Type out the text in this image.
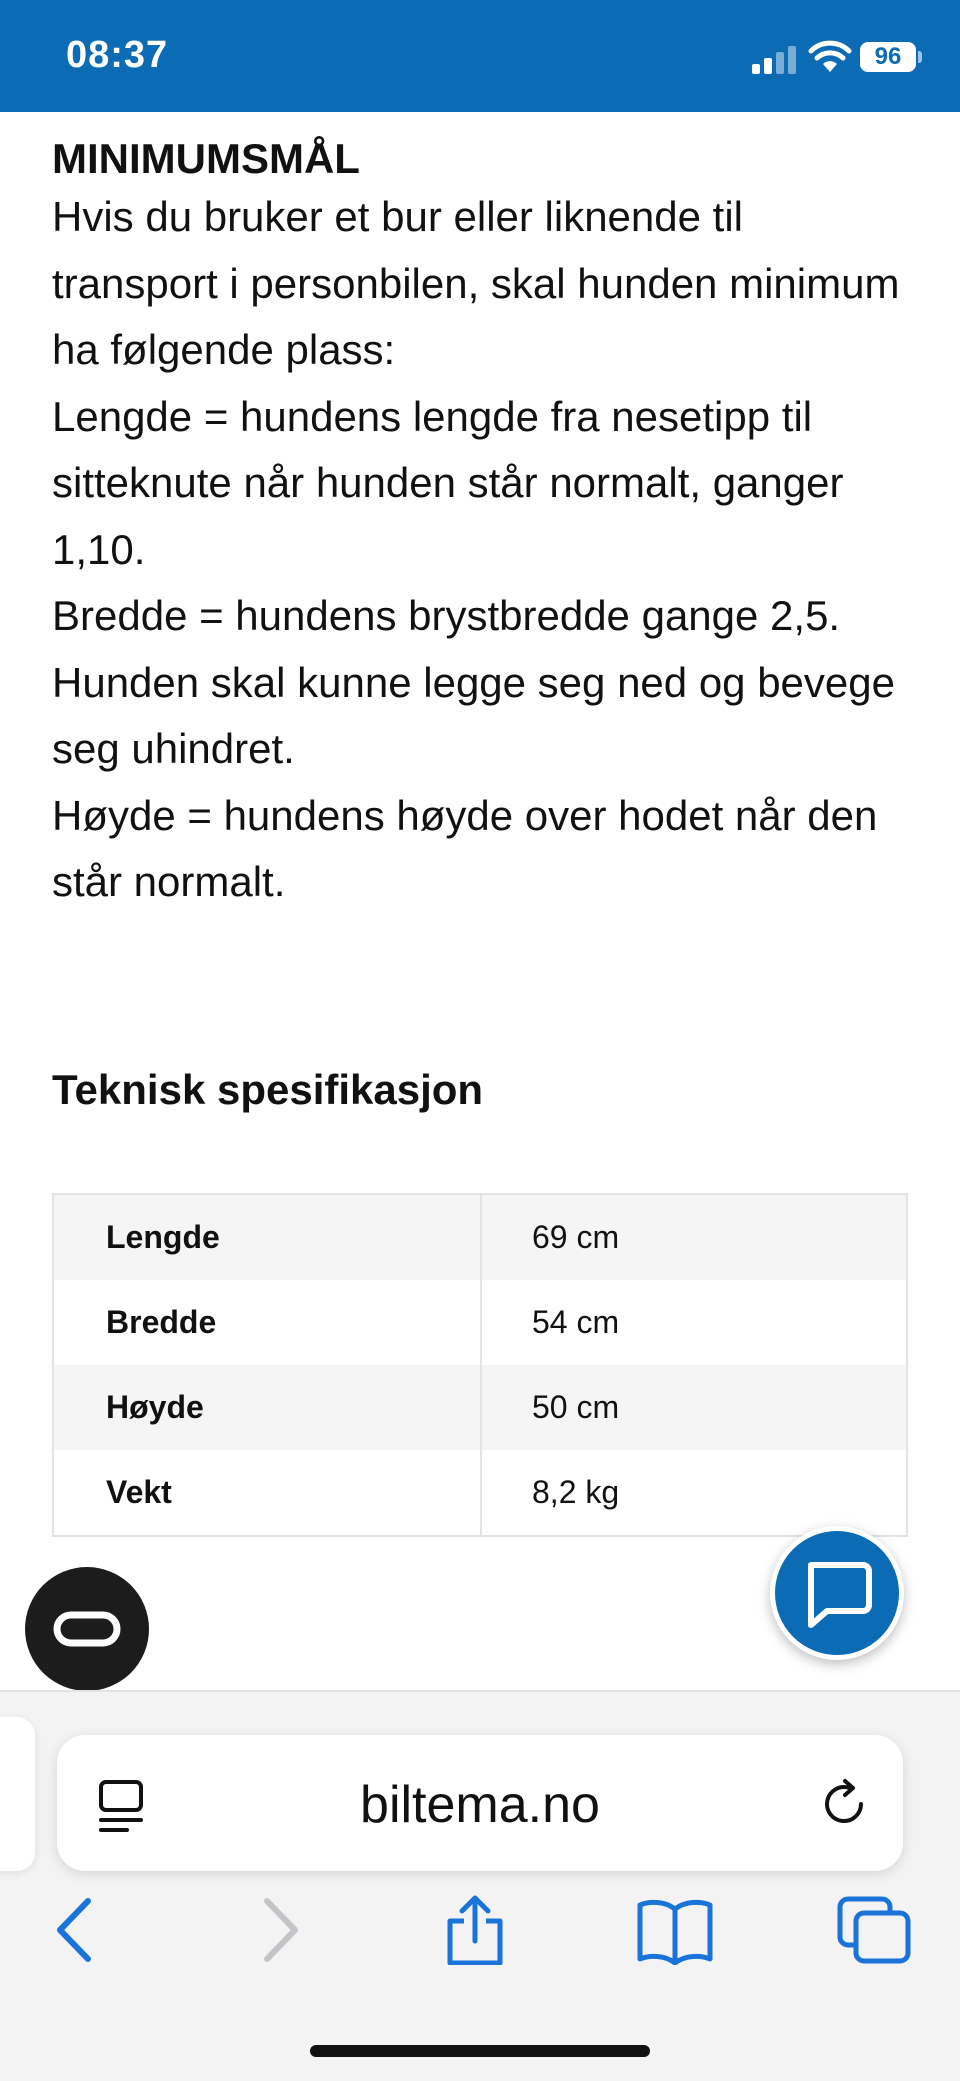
08:37	96
MINIMUMSMÅL

Hvis du bruker et bur eller liknende til transport i personbilen, skal hunden minimum ha følgende plass:

Lengde = hundens lengde fra nesetipp til sitteknute når hunden står normalt, ganger 1,10.

Bredde = hundens brystbredde gange 2,5. Hunden skal kunne legge seg ned og bevege seg uhindret.

Høyde = hundens høyde over hodet når den står normalt.

Teknisk spesifikasjon
Lengde	69 cm
Bredde	54 cm
Høyde	50 cm
Vekt	8,2 kg
biltema.no
